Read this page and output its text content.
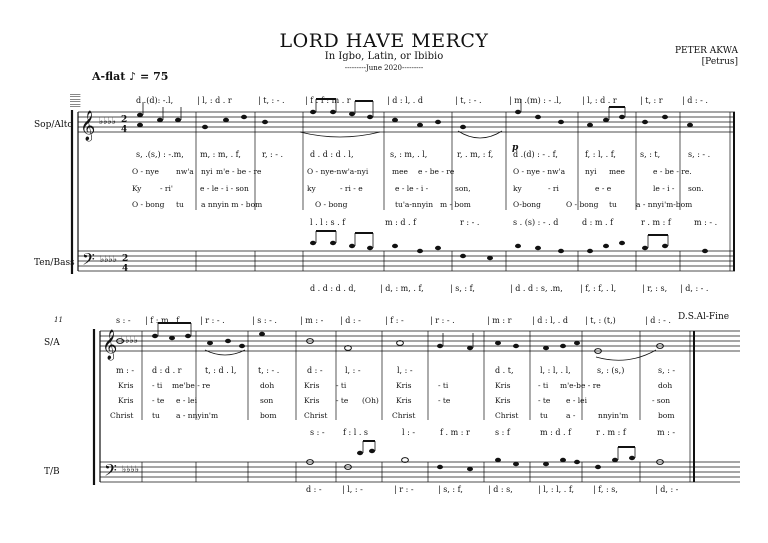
LORD HAVE MERCY
In Igbo, Latin, or Ibibio
---------June 2020---------
PETER AKWA
[Petrus]
A-flat ♪ = 75
Sop/Alto
Ten/Bass
S/A
T/B
11	D.S.Al-Fine
d .(d): -.l,	| l, : d . r	| t, : - .	| f . f : m . r	| d : l, . d	| t, : - .	| m .(m) : - .l,	| l, : d . r	| t, : r | d : - .
s, .(s,) : -.m, m, : m, . f,	r, : - .	d . d : d . l,	s, : m, . l,	r, . m, : f, d .(d) : - . f,	f, : l, . f,	s, : t,	s, : - .
O - nye nw'a nyi m'e - be - re	O - nye-nw'a-nyi	mee e - be - re	O - nye - nw'a	nyi mee	e - be - re.
Ky - ri'	e - le - i - son	ky	- ri - e	e - le - i -	son,	ky	- ri	e - e	le - i - son.
O - bong tu a nnyin m - bom	O - bong	tu'a-nnyin m - bom	O-bong	O - bong tu	a - nnyi'm-bom
l . l : s . f	m : d . f	r : - .	s . (s) : - . d	d : m . f	r . m : f	m : - .
d . d : d . d,	| d, : m, . f,	| s, : f,	| d . d : s, .m, | f, : f, . l,	| r, : s, | d, : - .
s : - | f : m . f	| r : - .	| s : - .	| m : - | d : -	| f : -	| r : - .	| m : r	| d : l, . d | t, : (t,)	| d : - .
m : - d : d . r	t, : d . l,	t, : - .	d : -	l, : -	l, : -	d . t,	l, : l, . l,	s, : (s,)	s, : -
Kris - ti me'be - re	doh	Kris - ti	Kris	- ti	Kris	- ti m'e-be - re	doh
Kris - te e - lei	son	Kris - te (Oh) Kris	- te	Kris	- te e - lei	- son
Christ tu a - nnyin'm	bom	Christ	Christ	Christ	tu a -	nnyin'm	bom
s : - f : l . s	l : -	f . m : r	s : f	m : d . f	r . m : f	m : -
d : -	| l, : -	| r : -	| s, : f,	| d : s,	| l, : l, . f, | f, : s,	| d, : -
𝄞
𝄢
𝄞
𝄢
♭♭♭♭
♭♭♭♭
♭♭♭♭
♭♭♭♭
2
4
2
4
𝄛
p
